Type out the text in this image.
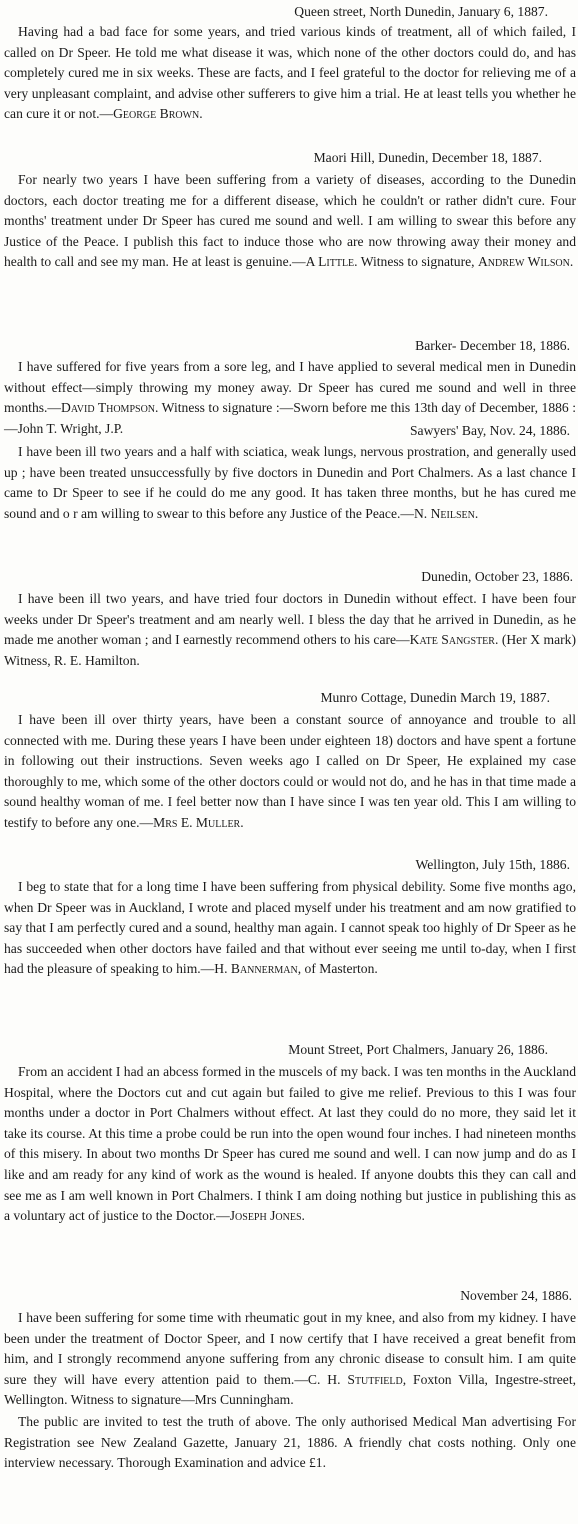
Queen street, North Dunedin, January 6, 1887.
Having had a bad face for some years, and tried various kinds of treatment, all of which failed, I called on Dr Speer. He told me what disease it was, which none of the other doctors could do, and has completely cured me in six weeks. These are facts, and I feel grateful to the doctor for relieving me of a very unpleasant complaint, and advise other sufferers to give him a trial. He at least tells you whether he can cure it or not.—George Brown.
Maori Hill, Dunedin, December 18, 1887.
For nearly two years I have been suffering from a variety of diseases, according to the Dunedin doctors, each doctor treating me for a different disease, which he couldn't or rather didn't cure. Four months' treatment under Dr Speer has cured me sound and well. I am willing to swear this before any Justice of the Peace. I publish this fact to induce those who are now throwing away their money and health to call and see my man. He at least is genuine.—A Little. Witness to signature, Andrew Wilson.
Barker- December 18, 1886.
I have suffered for five years from a sore leg, and I have applied to several medical men in Dunedin without effect—simply throwing my money away. Dr Speer has cured me sound and well in three months.—David Thompson. Witness to signature :—Sworn before me this 13th day of December, 1886 :—John T. Wright, J.P.	Sawyers' Bay, Nov. 24, 1886.
I have been ill two years and a half with sciatica, weak lungs, nervous prostration, and generally used up ; have been treated unsuccessfully by five doctors in Dunedin and Port Chalmers. As a last chance I came to Dr Speer to see if he could do me any good. It has taken three months, but he has cured me sound and o r am willing to swear to this before any Justice of the Peace.—N. Neilsen.
Dunedin, October 23, 1886.
I have been ill two years, and have tried four doctors in Dunedin without effect. I have been four weeks under Dr Speer's treatment and am nearly well. I bless the day that he arrived in Dunedin, as he made me another woman ; and I earnestly recommend others to his care—Kate Sangster. (Her X mark) Witness, R. E. Hamilton.
Munro Cottage, Dunedin March 19, 1887.
I have been ill over thirty years, have been a constant source of annoyance and trouble to all connected with me. During these years I have been under eighteen 18) doctors and have spent a fortune in following out their instructions. Seven weeks ago I called on Dr Speer, He explained my case thoroughly to me, which some of the other doctors could or would not do, and he has in that time made a sound healthy woman of me. I feel better now than I have since I was ten year old. This I am willing to testify to before any one.—Mrs E. Muller.
Wellington, July 15th, 1886.
I beg to state that for a long time I have been suffering from physical debility. Some five months ago, when Dr Speer was in Auckland, I wrote and placed myself under his treatment and am now gratified to say that I am perfectly cured and a sound, healthy man again. I cannot speak too highly of Dr Speer as he has succeeded when other doctors have failed and that without ever seeing me until to-day, when I first had the pleasure of speaking to him.—H. Bannerman, of Masterton.
Mount Street, Port Chalmers, January 26, 1886.
From an accident I had an abcess formed in the muscels of my back. I was ten months in the Auckland Hospital, where the Doctors cut and cut again but failed to give me relief. Previous to this I was four months under a doctor in Port Chalmers without effect. At last they could do no more, they said let it take its course. At this time a probe could be run into the open wound four inches. I had nineteen months of this misery. In about two months Dr Speer has cured me sound and well. I can now jump and do as I like and am ready for any kind of work as the wound is healed. If anyone doubts this they can call and see me as I am well known in Port Chalmers. I think I am doing nothing but justice in publishing this as a voluntary act of justice to the Doctor.—Joseph Jones.
November 24, 1886.
I have been suffering for some time with rheumatic gout in my knee, and also from my kidney. I have been under the treatment of Doctor Speer, and I now certify that I have received a great benefit from him, and I strongly recommend anyone suffering from any chronic disease to consult him. I am quite sure they will have every attention paid to them.—C. H. Stutfield, Foxton Villa, Ingestre-street, Wellington. Witness to signature—Mrs Cunningham.
The public are invited to test the truth of above. The only authorised Medical Man advertising For Registration see New Zealand Gazette, January 21, 1886. A friendly chat costs nothing. Only one interview necessary. Thorough Examination and advice £1.
